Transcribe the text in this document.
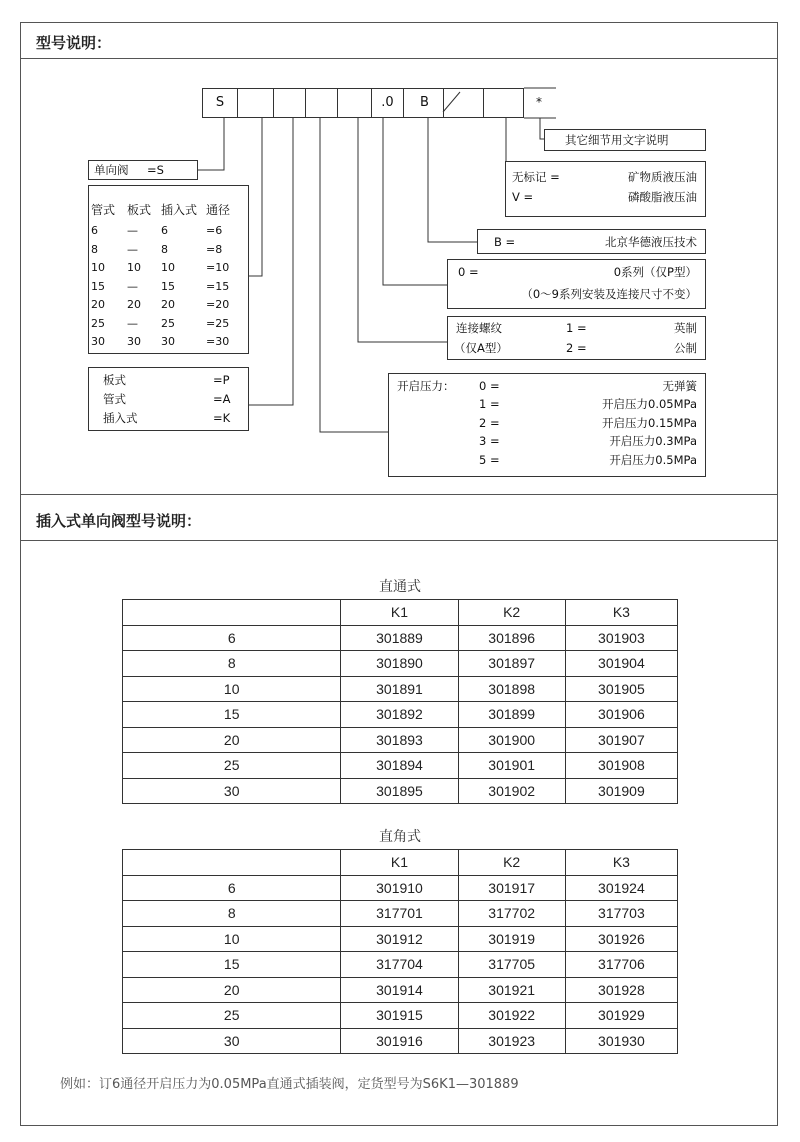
型号说明：
插入式单向阀型号说明：
S	.0	B	*
其它细节用文字说明
无标记 =	矿物质液压油
V =	磷酸脂液压油
B =	北京华德液压技术
0 =	0系列（仅P型）
（0～9系列安装及连接尺寸不变）
连接螺纹
（仅A型）
1 =	英制
2 =	公制
开启压力： 0 =	无弹簧
1 =	开启压力0.05MPa
2 =	开启压力0.15MPa
3 =	开启压力0.3MPa
5 =	开启压力0.5MPa
单向阀 =S
管式 板式 插入式 通径
6	— 6	=6
8	— 8	=8
10 10 10	=10
15 — 15	=15
20 20 20	=20
25 — 25	=25
30 30 30	=30
板式	=P
管式	=A
插入式	=K
直通式
	K1	K2	K3
6	301889	301896	301903
8	301890	301897	301904
10	301891	301898	301905
15	301892	301899	301906
20	301893	301900	301907
25	301894	301901	301908
30	301895	301902	301909
直角式
	K1	K2	K3
6	301910	301917	301924
8	317701	317702	317703
10	301912	301919	301926
15	317704	317705	317706
20	301914	301921	301928
25	301915	301922	301929
30	301916	301923	301930
例如：订6通径开启压力为0.05MPa直通式插装阀，定货型号为S6K1—301889
